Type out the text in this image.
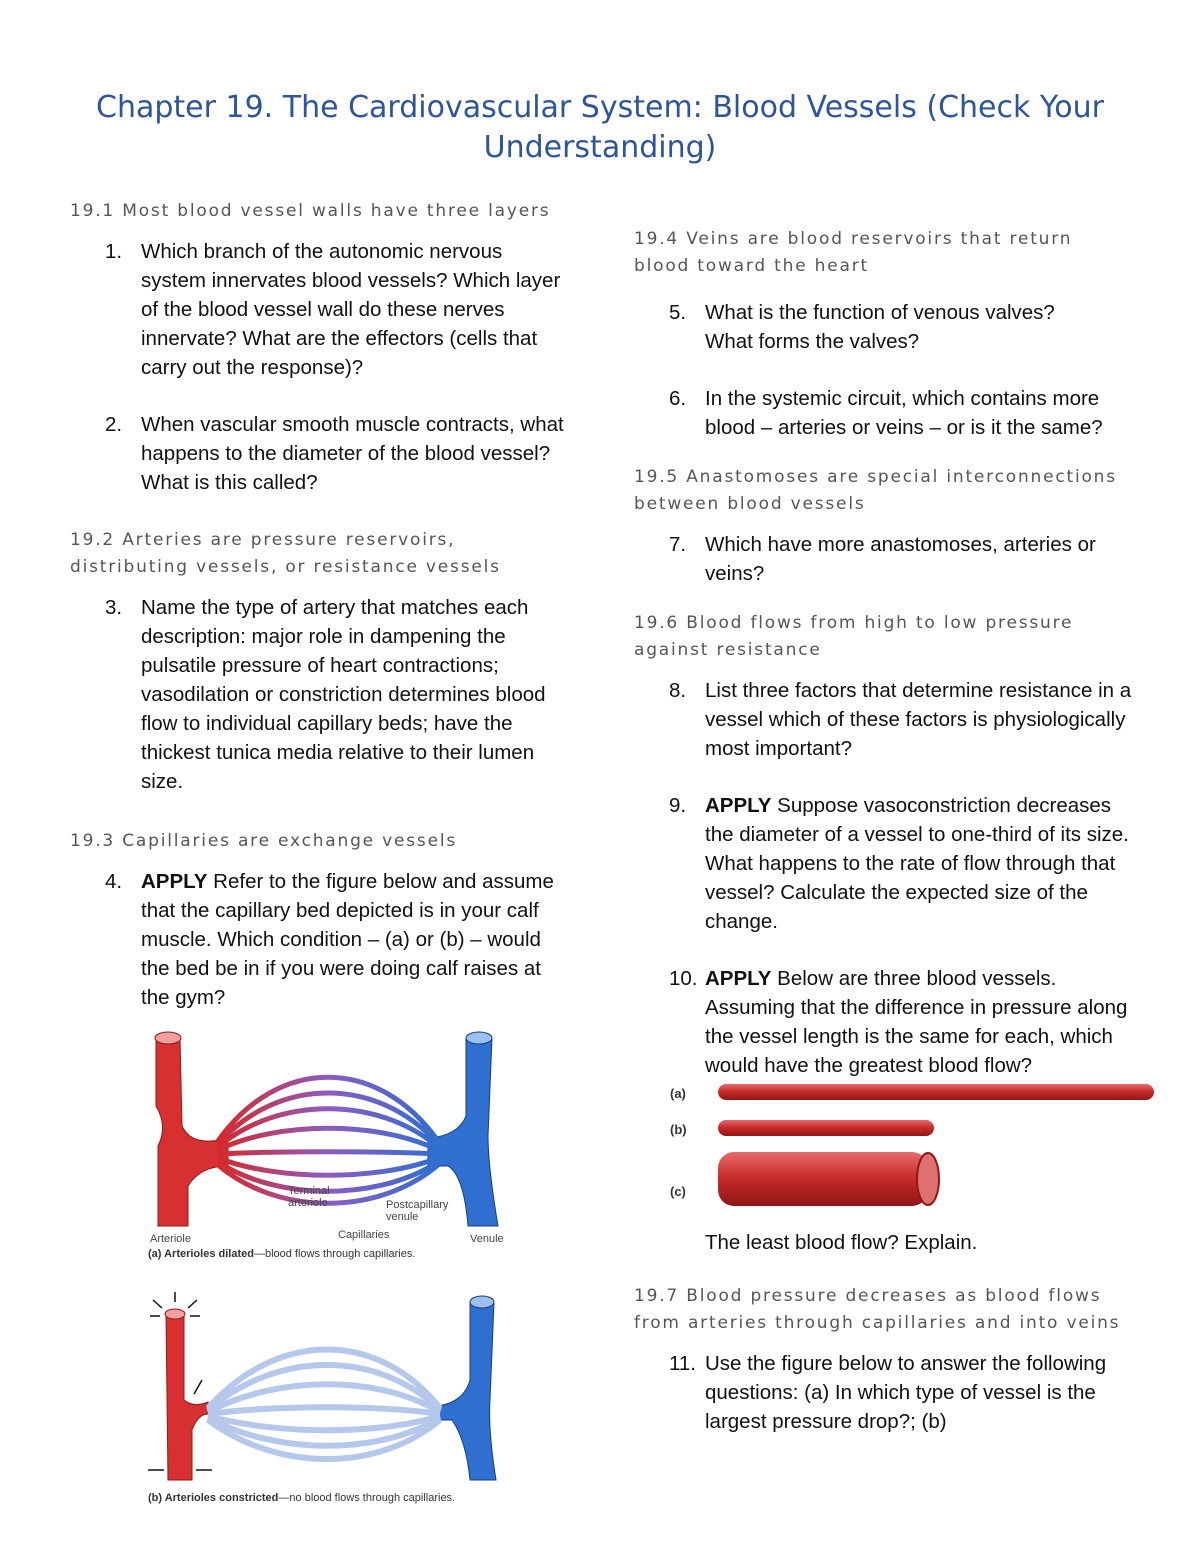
Chapter 19. The Cardiovascular System: Blood Vessels (Check Your Understanding)

19.1 Most blood vessel walls have three layers

1. Which branch of the autonomic nervous system innervates blood vessels? Which layer of the blood vessel wall do these nerves innervate? What are the effectors (cells that carry out the response)?
2. When vascular smooth muscle contracts, what happens to the diameter of the blood vessel? What is this called?

19.2 Arteries are pressure reservoirs, distributing vessels, or resistance vessels

3. Name the type of artery that matches each description: major role in dampening the pulsatile pressure of heart contractions; vasodilation or constriction determines blood flow to individual capillary beds; have the thickest tunica media relative to their lumen size.

19.3 Capillaries are exchange vessels

4. APPLY Refer to the figure below and assume that the capillary bed depicted is in your calf muscle. Which condition – (a) or (b) – would the bed be in if you were doing calf raises at the gym?
Terminal
arteriole	Postcapillary
venule
Capillaries
Arteriole	Venule
(a) Arterioles dilated—blood flows through capillaries.
(b) Arterioles constricted—no blood flows through capillaries.

19.4 Veins are blood reservoirs that return blood toward the heart

5. What is the function of venous valves? What forms the valves?
6. In the systemic circuit, which contains more blood – arteries or veins – or is it the same?

19.5 Anastomoses are special interconnections between blood vessels

7. Which have more anastomoses, arteries or veins?

19.6 Blood flows from high to low pressure against resistance

8. List three factors that determine resistance in a vessel which of these factors is physiologically most important?
9. APPLY Suppose vasoconstriction decreases the diameter of a vessel to one-third of its size. What happens to the rate of flow through that vessel? Calculate the expected size of the change.
10. APPLY Below are three blood vessels. Assuming that the difference in pressure along the vessel length is the same for each, which would have the greatest blood flow?
(a)
(b)
(c)
The least blood flow? Explain.

19.7 Blood pressure decreases as blood flows from arteries through capillaries and into veins

11. Use the figure below to answer the following questions: (a) In which type of vessel is the largest pressure drop?; (b)
